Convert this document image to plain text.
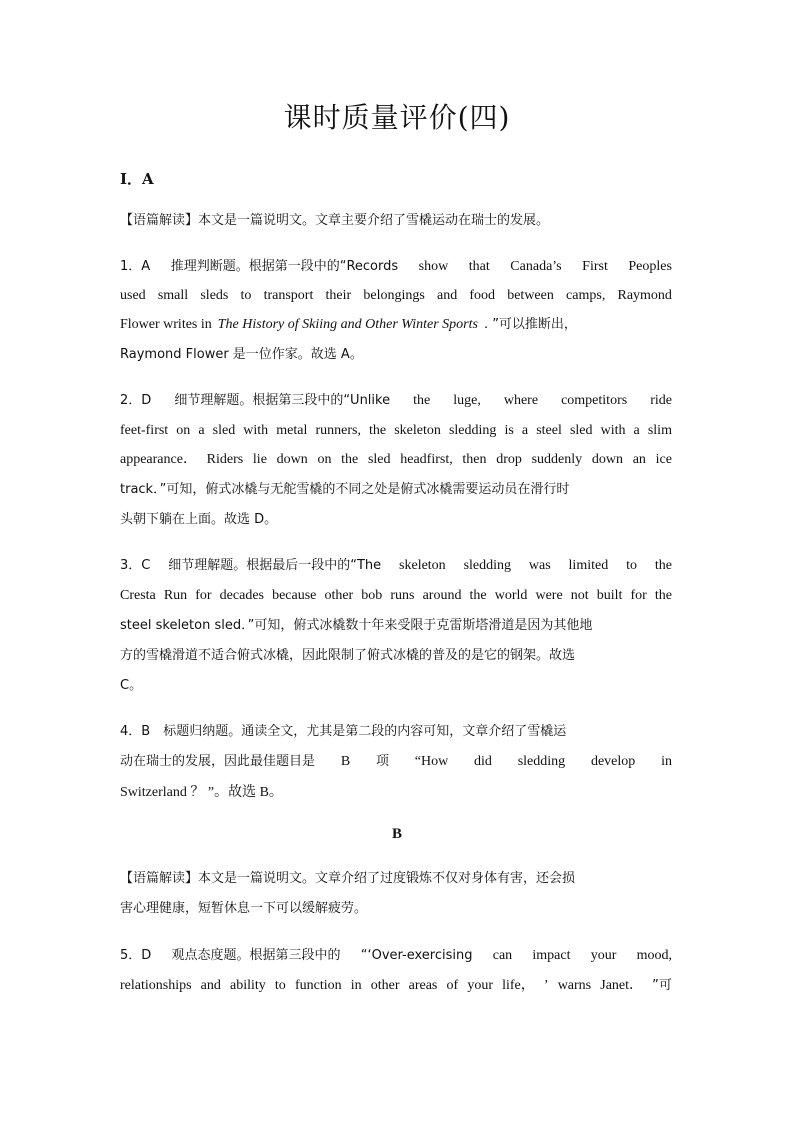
课时质量评价(四)
Ⅰ．A
【语篇解读】本文是一篇说明文。文章主要介绍了雪橇运动在瑞士的发展。
1．A 推理判断题。根据第一段中的“Records show that Canada’s First Peoples
used small sleds to transport their belongings and food between camps, Raymond
Flower writes in The History of Skiing and Other Winter Sports . ”可以推断出，
Raymond Flower 是一位作家。故选 A。
2．D 细节理解题。根据第三段中的“Unlike the luge, where competitors ride
feet-first on a sled with metal runners, the skeleton sledding is a steel sled with a slim
appearance． Riders lie down on the sled headfirst, then drop suddenly down an ice
track．”可知，俯式冰橇与无舵雪橇的不同之处是俯式冰橇需要运动员在滑行时
头朝下躺在上面。故选 D。
3．C 细节理解题。根据最后一段中的“The skeleton sledding was limited to the
Cresta Run for decades because other bob runs around the world were not built for the
steel skeleton sled．”可知，俯式冰橇数十年来受限于克雷斯塔滑道是因为其他地
方的雪橇滑道不适合俯式冰橇，因此限制了俯式冰橇的普及的是它的钢架。故选
C。
4．B　标题归纳题。通读全文，尤其是第二段的内容可知，文章介绍了雪橇运
动在瑞士的发展，因此最佳题目是 B 项 “How did sledding develop in
Switzerland ？ ”。故选 B。
B
【语篇解读】本文是一篇说明文。文章介绍了过度锻炼不仅对身体有害，还会损
害心理健康，短暂休息一下可以缓解疲劳。
5．D 观点态度题。根据第三段中的 “‘Over-exercising can impact your mood,
relationships and ability to function in other areas of your life， ’ warns Janet． ”可
